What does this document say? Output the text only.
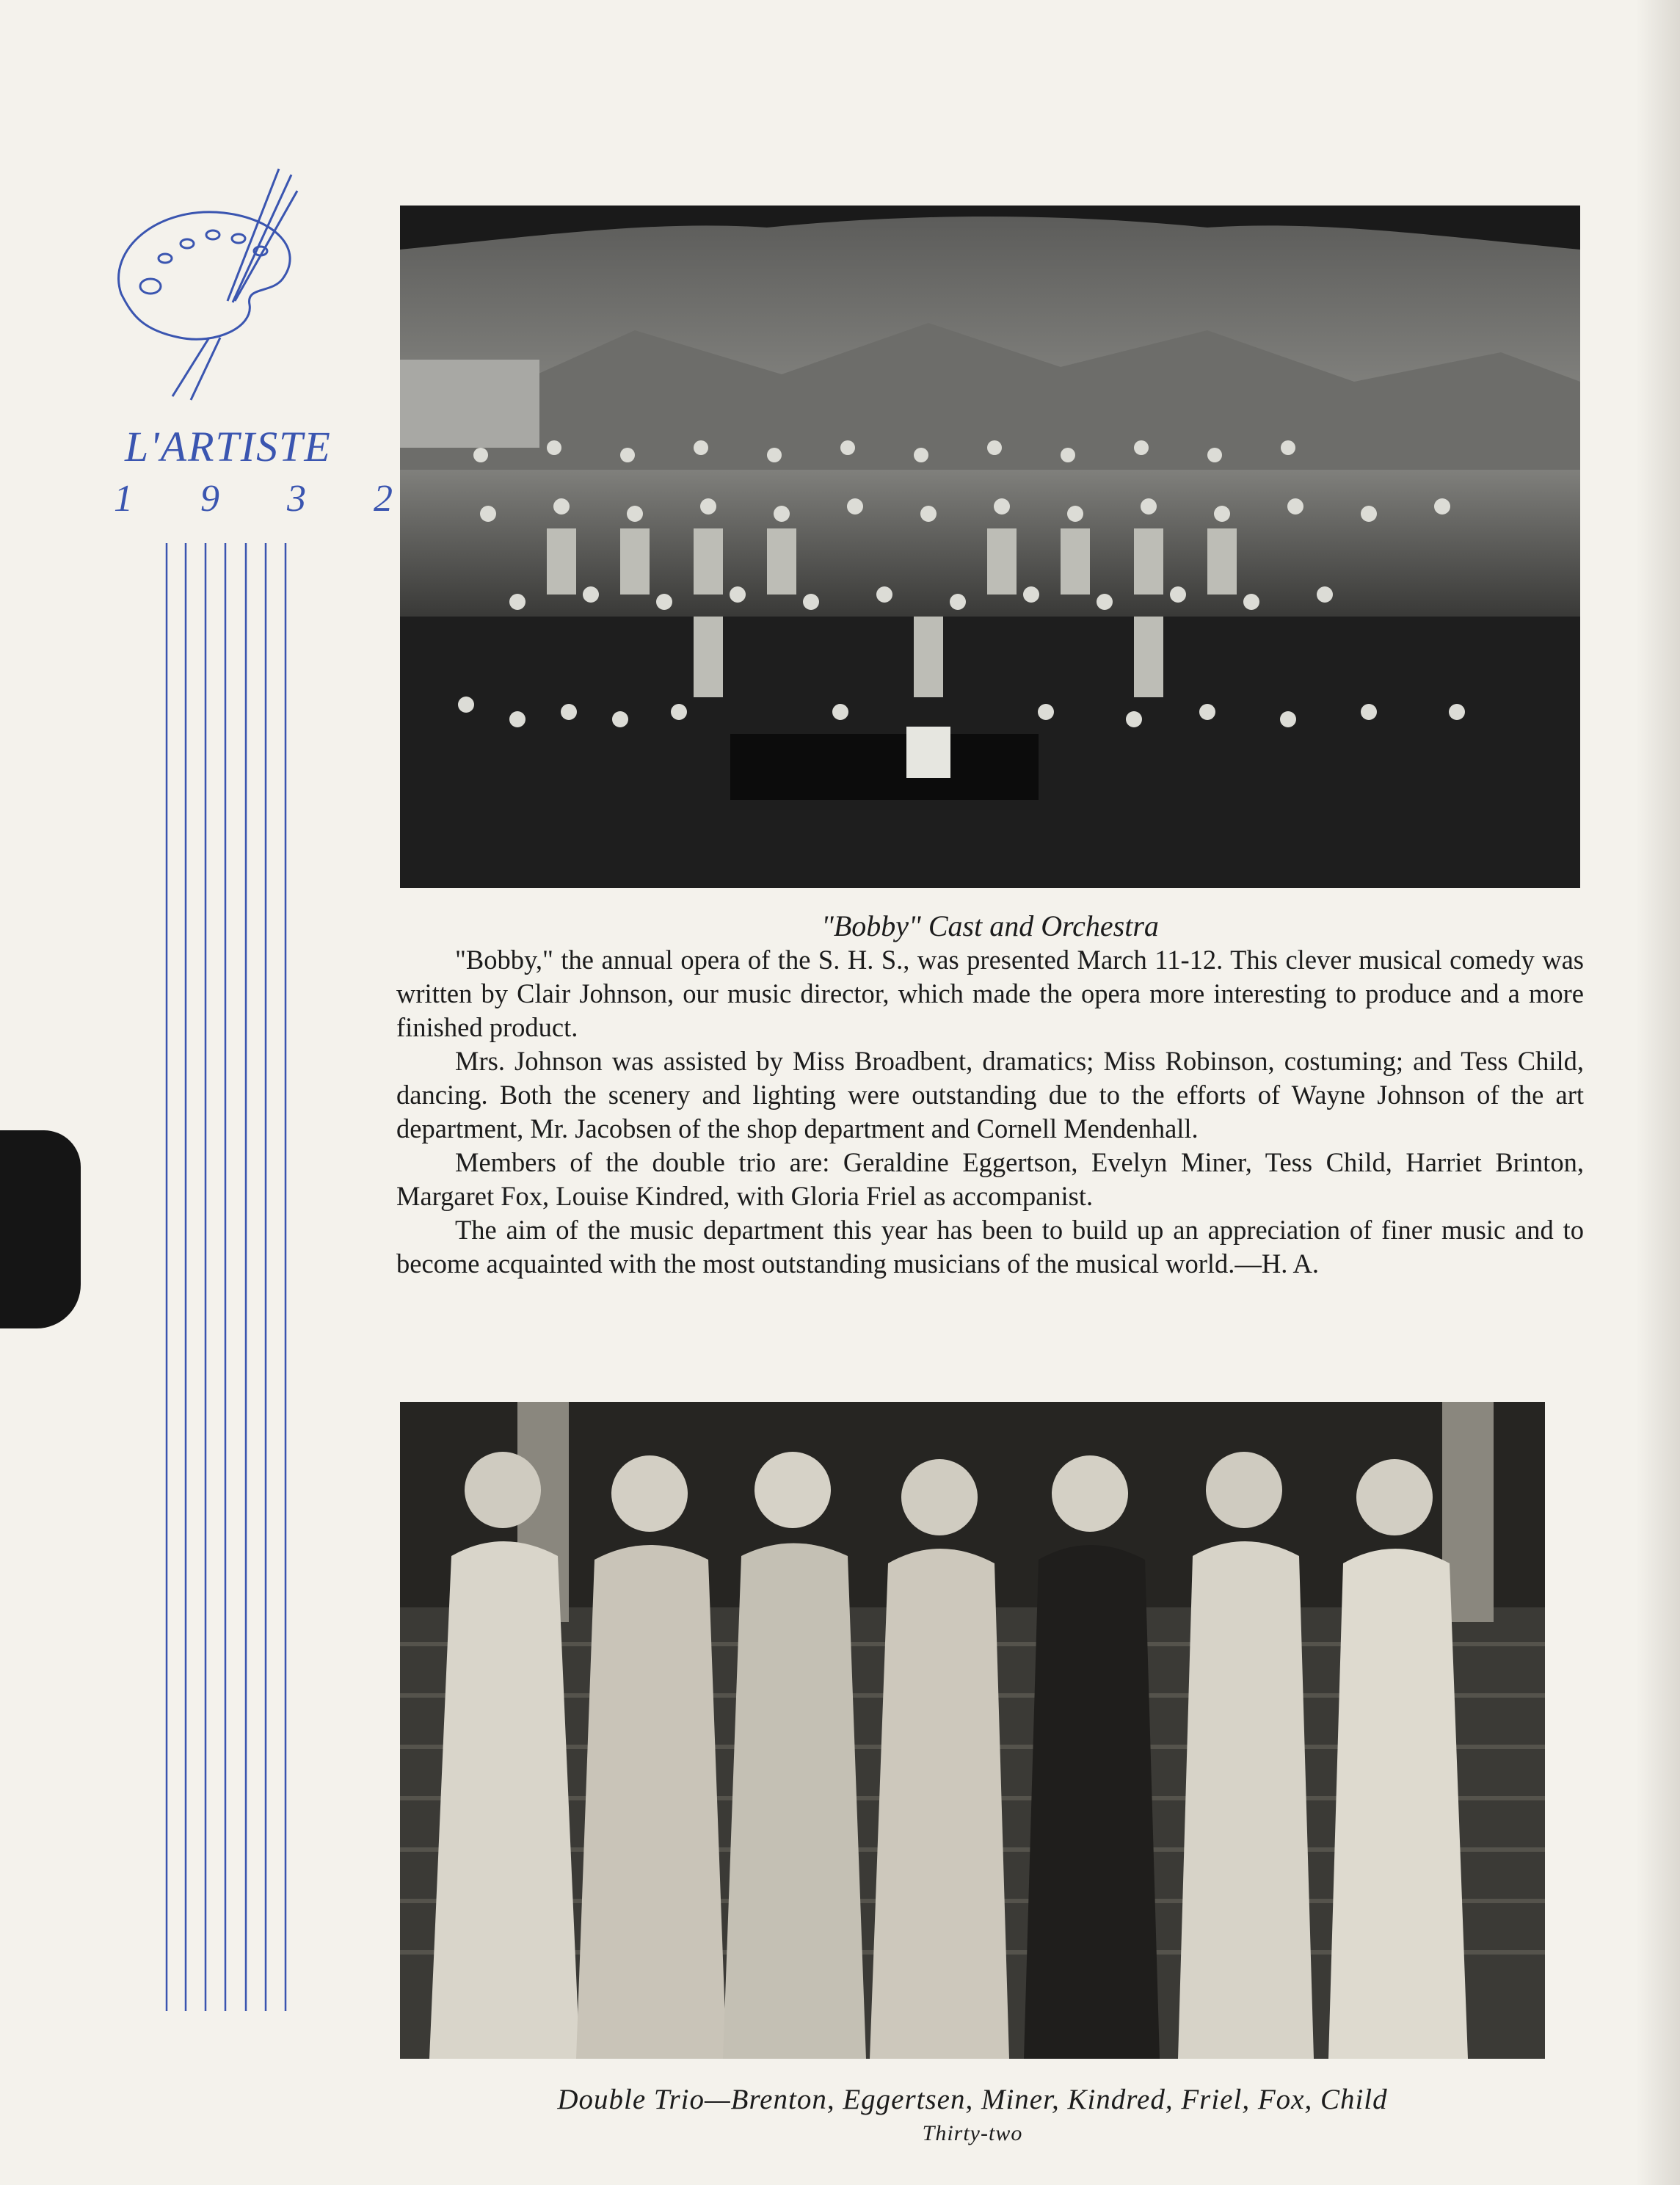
L'ARTISTE
1 9 3 2
"Bobby" Cast and Orchestra

"Bobby," the annual opera of the S. H. S., was presented March 11-12. This clever musical comedy was written by Clair Johnson, our music director, which made the opera more interesting to produce and a more finished product.

Mrs. Johnson was assisted by Miss Broadbent, dramatics; Miss Robinson, costuming; and Tess Child, dancing. Both the scenery and lighting were outstanding due to the efforts of Wayne Johnson of the art department, Mr. Jacobsen of the shop department and Cornell Mendenhall.

Members of the double trio are: Geraldine Eggertson, Evelyn Miner, Tess Child, Harriet Brinton, Margaret Fox, Louise Kindred, with Gloria Friel as accompanist.

The aim of the music department this year has been to build up an appreciation of finer music and to become acquainted with the most outstanding musicians of the musical world.—H. A.

Double Trio—Brenton, Eggertsen, Miner, Kindred, Friel, Fox, Child
Thirty-two
